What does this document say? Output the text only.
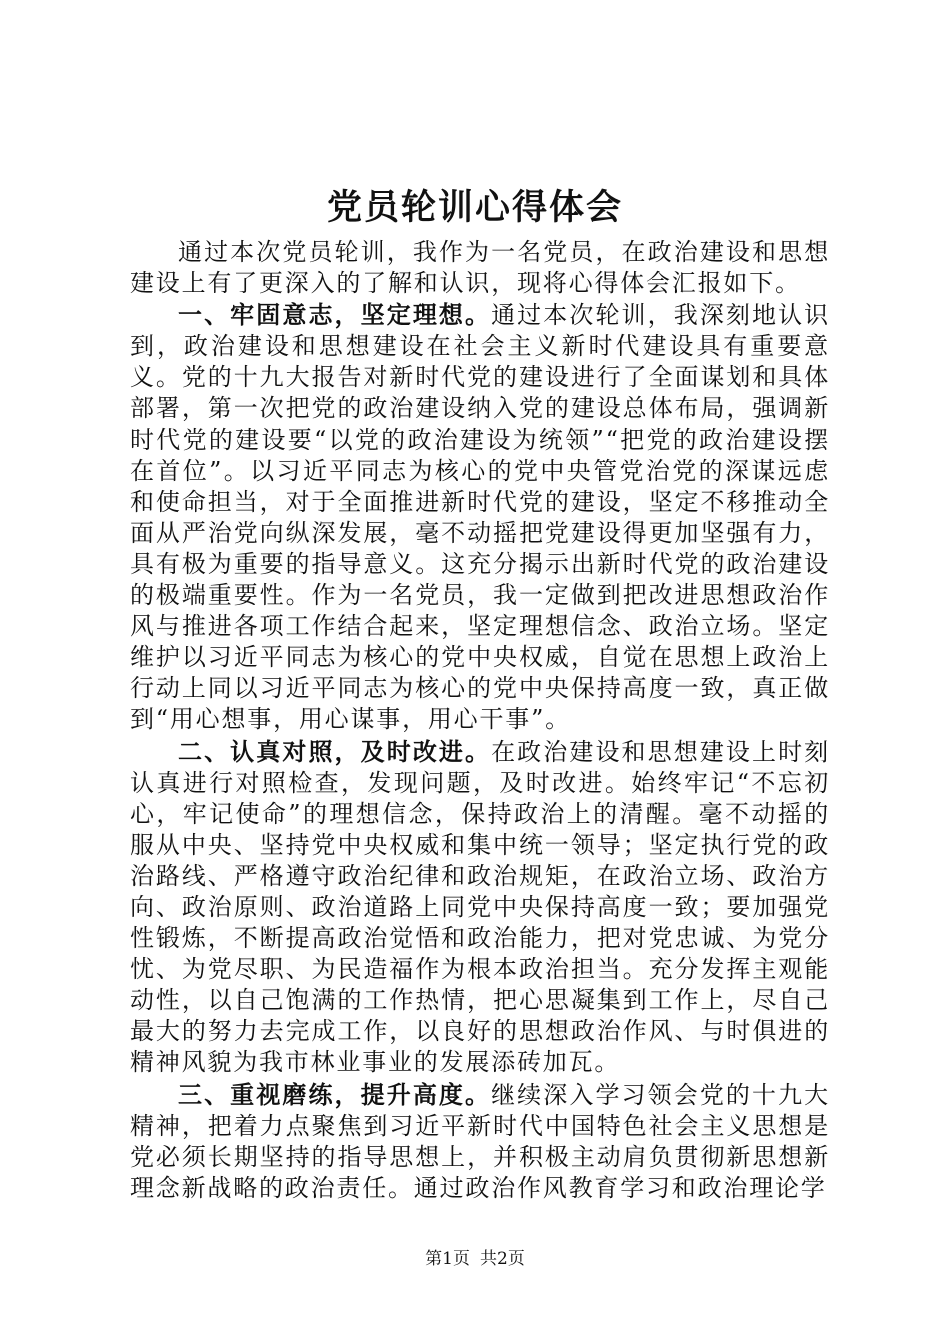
党员轮训心得体会

通过本次党员轮训，我作为一名党员，在政治建设和思想建设上有了更深入的了解和认识，现将心得体会汇报如下。

一、牢固意志，坚定理想。通过本次轮训，我深刻地认识到，政治建设和思想建设在社会主义新时代建设具有重要意义。党的十九大报告对新时代党的建设进行了全面谋划和具体部署，第一次把党的政治建设纳入党的建设总体布局，强调新时代党的建设要“以党的政治建设为统领”“把党的政治建设摆在首位”。以习近平同志为核心的党中央管党治党的深谋远虑和使命担当，对于全面推进新时代党的建设，坚定不移推动全面从严治党向纵深发展，毫不动摇把党建设得更加坚强有力，具有极为重要的指导意义。这充分揭示出新时代党的政治建设的极端重要性。作为一名党员，我一定做到把改进思想政治作风与推进各项工作结合起来，坚定理想信念、政治立场。坚定维护以习近平同志为核心的党中央权威，自觉在思想上政治上行动上同以习近平同志为核心的党中央保持高度一致，真正做到“用心想事，用心谋事，用心干事”。

二、认真对照，及时改进。在政治建设和思想建设上时刻认真进行对照检查，发现问题，及时改进。始终牢记“不忘初心，牢记使命”的理想信念，保持政治上的清醒。毫不动摇的服从中央、坚持党中央权威和集中统一领导；坚定执行党的政治路线、严格遵守政治纪律和政治规矩，在政治立场、政治方向、政治原则、政治道路上同党中央保持高度一致；要加强党性锻炼，不断提高政治觉悟和政治能力，把对党忠诚、为党分忧、为党尽职、为民造福作为根本政治担当。充分发挥主观能动性，以自己饱满的工作热情，把心思凝集到工作上，尽自己最大的努力去完成工作，以良好的思想政治作风、与时俱进的精神风貌为我市林业事业的发展添砖加瓦。

三、重视磨练，提升高度。继续深入学习领会党的十九大精神，把着力点聚焦到习近平新时代中国特色社会主义思想是党必须长期坚持的指导思想上，并积极主动肩负贯彻新思想新理念新战略的政治责任。通过政治作风教育学习和政治理论学

第1页 共2页
